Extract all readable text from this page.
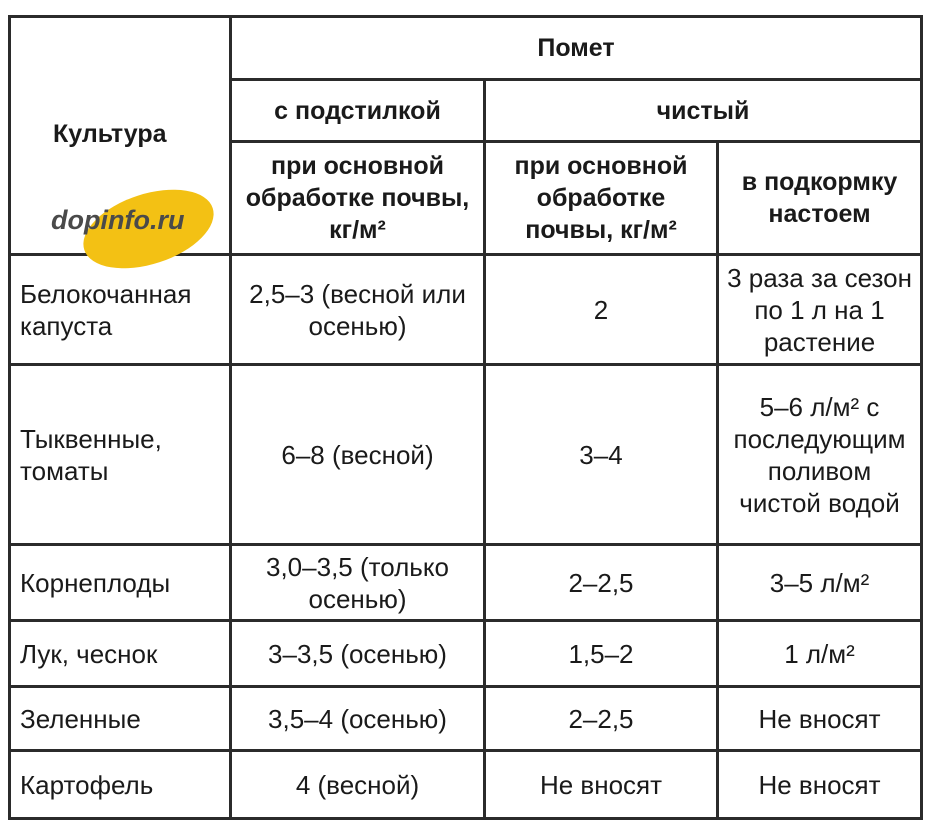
Культура
dopinfo.ru	Помет		
	с подстилкой	чистый	
	при основной обработке почвы, кг/м²	при основной обработке почвы, кг/м²	в подкормку настоем
Белокочанная капуста	2,5–3 (весной или осенью)	2	3 раза за сезон по 1 л на 1 растение
Тыквенные, томаты	6–8 (весной)	3–4	5–6 л/м² с последующим поливом чистой водой
Корнеплоды	3,0–3,5 (только осенью)	2–2,5	3–5 л/м²
Лук, чеснок	3–3,5 (осенью)	1,5–2	1 л/м²
Зеленные	3,5–4 (осенью)	2–2,5	Не вносят
Картофель	4 (весной)	Не вносят	Не вносят
